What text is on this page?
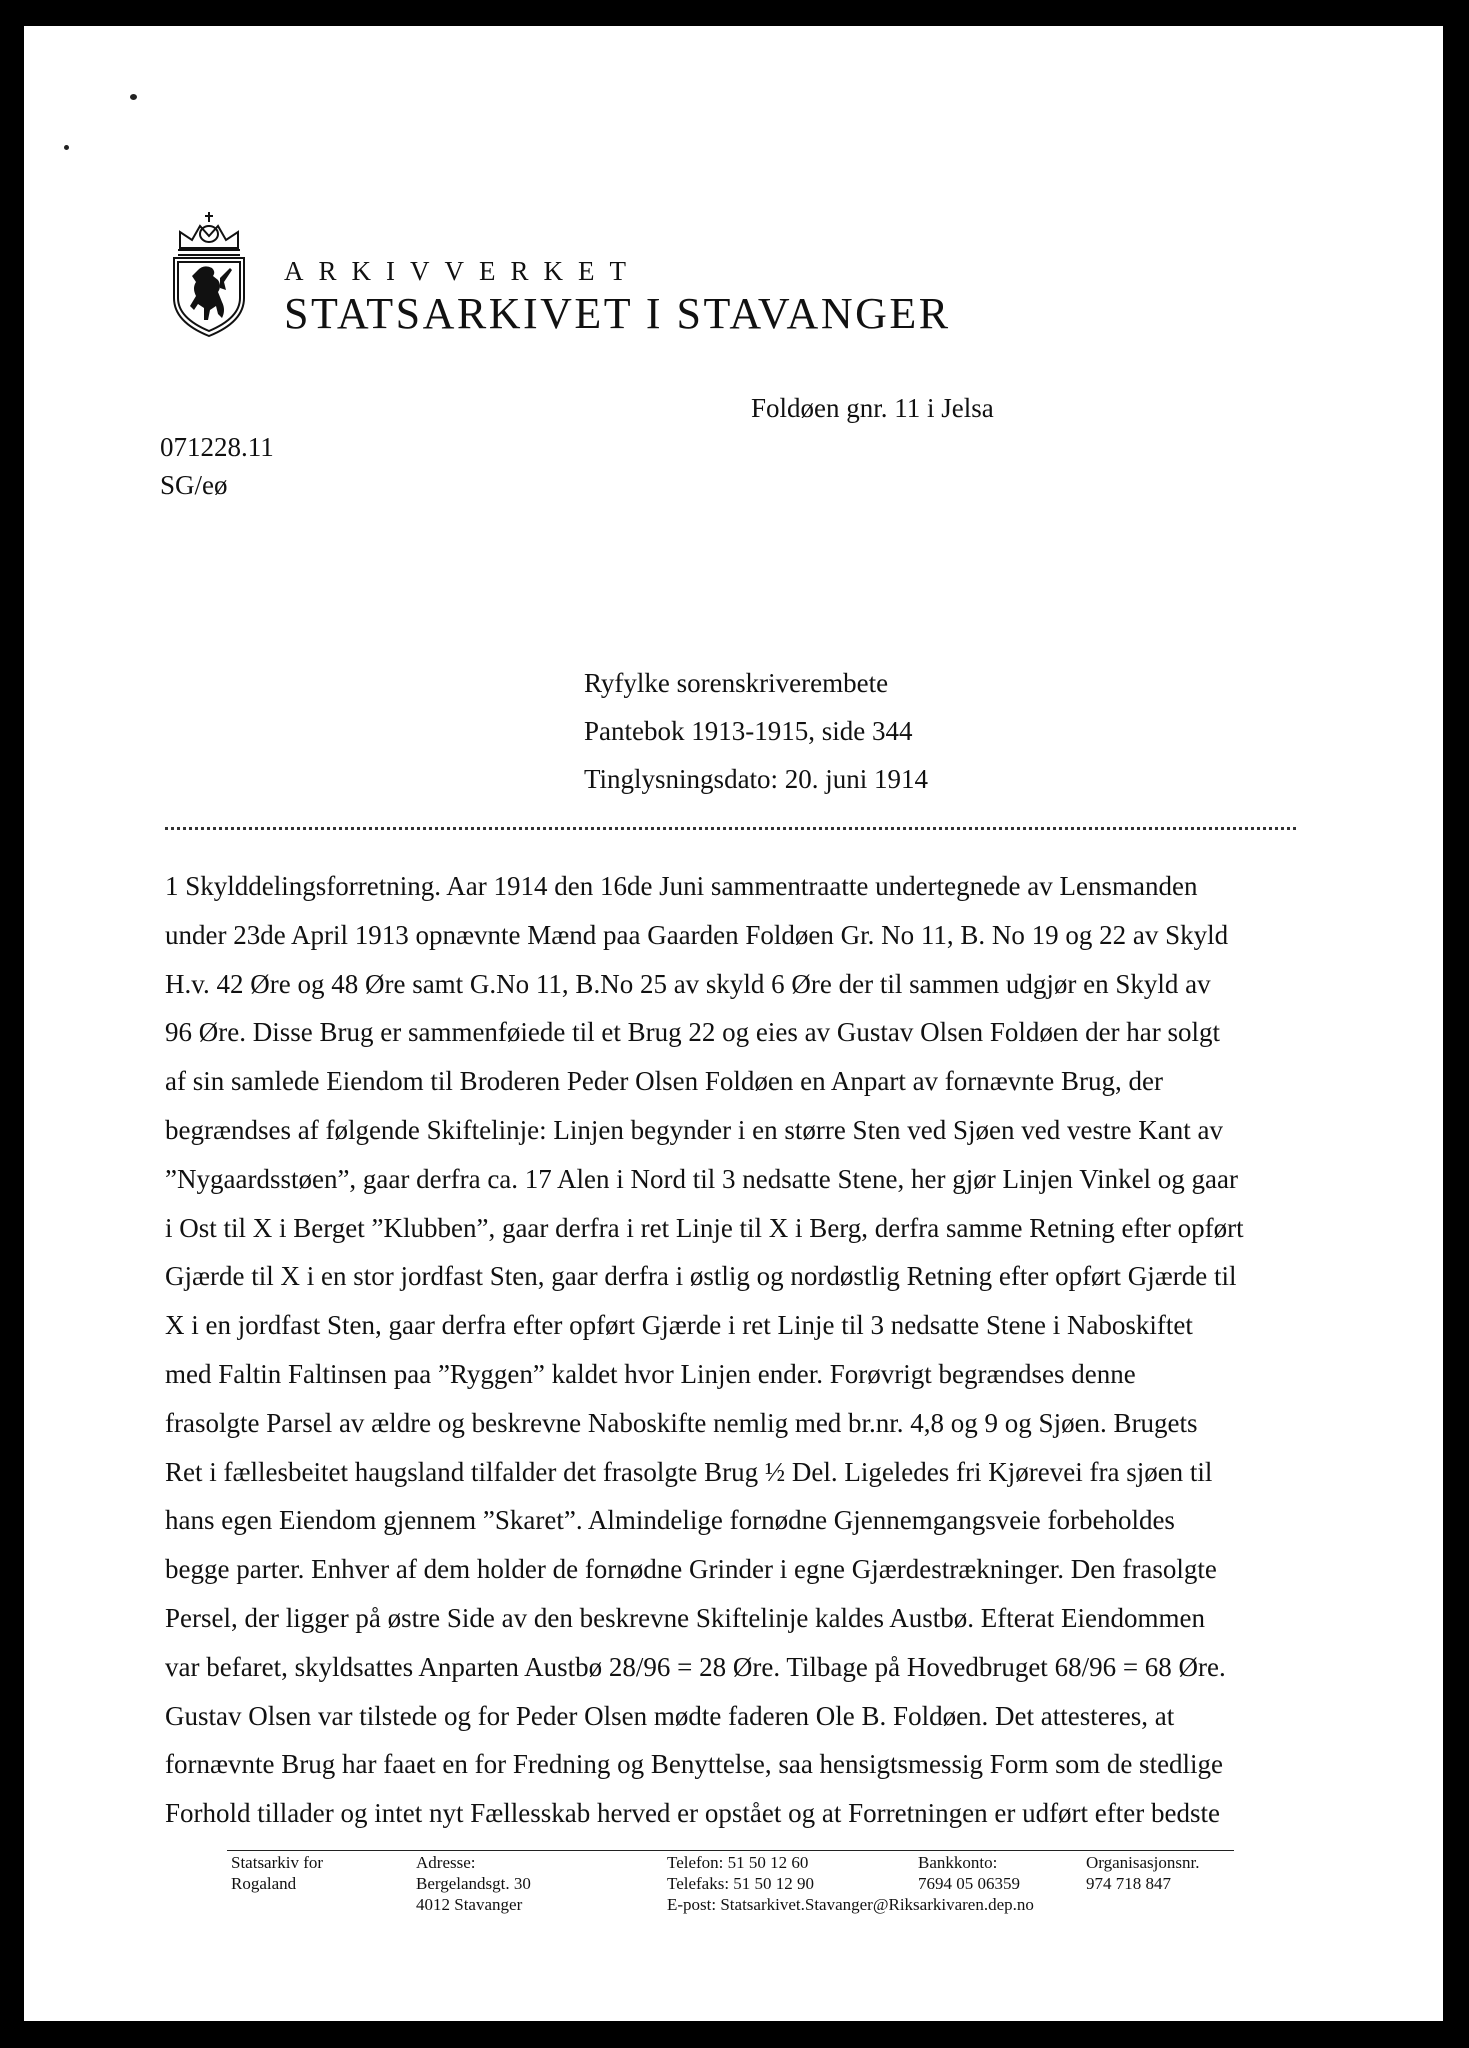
ARKIVVERKET
STATSARKIVET I STAVANGER
Foldøen gnr. 11 i Jelsa
071228.11
SG/eø
Ryfylke sorenskriverembete
Pantebok 1913-1915, side 344
Tinglysningsdato: 20. juni 1914
1 Skylddelingsforretning. Aar 1914 den 16de Juni sammentraatte undertegnede av Lensmanden
under 23de April 1913 opnævnte Mænd paa Gaarden Foldøen Gr. No 11, B. No 19 og 22 av Skyld
H.v. 42 Øre og 48 Øre samt G.No 11, B.No 25 av skyld 6 Øre der til sammen udgjør en Skyld av
96 Øre. Disse Brug er sammenføiede til et Brug 22 og eies av Gustav Olsen Foldøen der har solgt
af sin samlede Eiendom til Broderen Peder Olsen Foldøen en Anpart av fornævnte Brug, der
begrændses af følgende Skiftelinje: Linjen begynder i en større Sten ved Sjøen ved vestre Kant av
”Nygaardsstøen”, gaar derfra ca. 17 Alen i Nord til 3 nedsatte Stene, her gjør Linjen Vinkel og gaar
i Ost til X i Berget ”Klubben”, gaar derfra i ret Linje til X i Berg, derfra samme Retning efter opført
Gjærde til X i en stor jordfast Sten, gaar derfra i østlig og nordøstlig Retning efter opført Gjærde til
X i en jordfast Sten, gaar derfra efter opført Gjærde i ret Linje til 3 nedsatte Stene i Naboskiftet
med Faltin Faltinsen paa ”Ryggen” kaldet hvor Linjen ender. Forøvrigt begrændses denne
frasolgte Parsel av ældre og beskrevne Naboskifte nemlig med br.nr. 4,8 og 9 og Sjøen. Brugets
Ret i fællesbeitet haugsland tilfalder det frasolgte Brug ½ Del. Ligeledes fri Kjørevei fra sjøen til
hans egen Eiendom gjennem ”Skaret”. Almindelige fornødne Gjennemgangsveie forbeholdes
begge parter. Enhver af dem holder de fornødne Grinder i egne Gjærdestrækninger. Den frasolgte
Persel, der ligger på østre Side av den beskrevne Skiftelinje kaldes Austbø. Efterat Eiendommen
var befaret, skyldsattes Anparten Austbø 28/96 = 28 Øre. Tilbage på Hovedbruget 68/96 = 68 Øre.
Gustav Olsen var tilstede og for Peder Olsen mødte faderen Ole B. Foldøen. Det attesteres, at
fornævnte Brug har faaet en for Fredning og Benyttelse, saa hensigtsmessig Form som de stedlige
Forhold tillader og intet nyt Fællesskab herved er opstået og at Forretningen er udført efter bedste
Statsarkiv for
Rogaland
Adresse:
Bergelandsgt. 30
4012 Stavanger
Telefon: 51 50 12 60
Telefaks: 51 50 12 90
E-post: Statsarkivet.Stavanger@Riksarkivaren.dep.no
Bankkonto:
7694 05 06359
Organisasjonsnr.
974 718 847
